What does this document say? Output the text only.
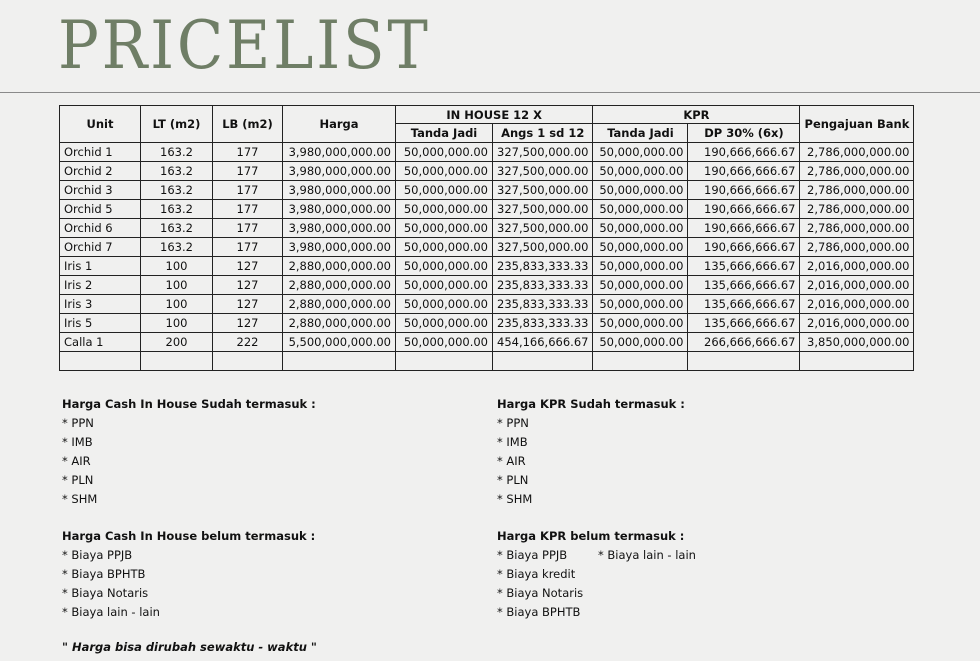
PRICELIST
Unit	LT (m2)	LB (m2)	Harga	IN HOUSE 12 X		KPR		Pengajuan Bank
				Tanda Jadi	Angs 1 sd 12	Tanda Jadi	DP 30% (6x)	
Orchid 1	163.2	177	3,980,000,000.00	50,000,000.00	327,500,000.00	50,000,000.00	190,666,666.67	2,786,000,000.00
Orchid 2	163.2	177	3,980,000,000.00	50,000,000.00	327,500,000.00	50,000,000.00	190,666,666.67	2,786,000,000.00
Orchid 3	163.2	177	3,980,000,000.00	50,000,000.00	327,500,000.00	50,000,000.00	190,666,666.67	2,786,000,000.00
Orchid 5	163.2	177	3,980,000,000.00	50,000,000.00	327,500,000.00	50,000,000.00	190,666,666.67	2,786,000,000.00
Orchid 6	163.2	177	3,980,000,000.00	50,000,000.00	327,500,000.00	50,000,000.00	190,666,666.67	2,786,000,000.00
Orchid 7	163.2	177	3,980,000,000.00	50,000,000.00	327,500,000.00	50,000,000.00	190,666,666.67	2,786,000,000.00
Iris 1	100	127	2,880,000,000.00	50,000,000.00	235,833,333.33	50,000,000.00	135,666,666.67	2,016,000,000.00
Iris 2	100	127	2,880,000,000.00	50,000,000.00	235,833,333.33	50,000,000.00	135,666,666.67	2,016,000,000.00
Iris 3	100	127	2,880,000,000.00	50,000,000.00	235,833,333.33	50,000,000.00	135,666,666.67	2,016,000,000.00
Iris 5	100	127	2,880,000,000.00	50,000,000.00	235,833,333.33	50,000,000.00	135,666,666.67	2,016,000,000.00
Calla 1	200	222	5,500,000,000.00	50,000,000.00	454,166,666.67	50,000,000.00	266,666,666.67	3,850,000,000.00

Harga Cash In House Sudah termasuk :
* PPN
* IMB
* AIR
* PLN
* SHM
Harga KPR Sudah termasuk :
* PPN
* IMB
* AIR
* PLN
* SHM
Harga Cash In House belum termasuk :
* Biaya PPJB
* Biaya BPHTB
* Biaya Notaris
* Biaya lain - lain
Harga KPR belum termasuk :
* Biaya PPJB
* Biaya kredit
* Biaya Notaris
* Biaya BPHTB
* Biaya lain - lain
" Harga bisa dirubah sewaktu - waktu "
